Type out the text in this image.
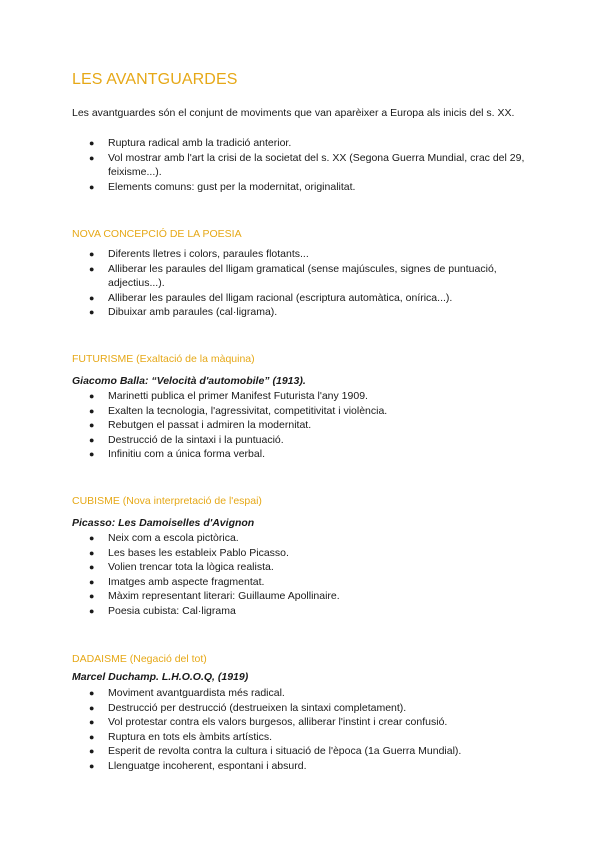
LES AVANTGUARDES
Les avantguardes són el conjunt de moviments que van aparèixer a Europa als inicis del s. XX.
● Ruptura radical amb la tradició anterior.
● Vol mostrar amb l'art la crisi de la societat del s. XX (Segona Guerra Mundial, crac del 29, feixisme...).
● Elements comuns: gust per la modernitat, originalitat.
NOVA CONCEPCIÓ DE LA POESIA
● Diferents lletres i colors, paraules flotants...
● Alliberar les paraules del lligam gramatical (sense majúscules, signes de puntuació, adjectius...).
● Alliberar les paraules del lligam racional (escriptura automàtica, onírica...).
● Dibuixar amb paraules (cal·ligrama).
FUTURISME (Exaltació de la màquina)
Giacomo Balla: “Velocità d'automobile” (1913).
● Marinetti publica el primer Manifest Futurista l'any 1909.
● Exalten la tecnologia, l'agressivitat, competitivitat i violència.
● Rebutgen el passat i admiren la modernitat.
● Destrucció de la sintaxi i la puntuació.
● Infinitiu com a única forma verbal.
CUBISME (Nova interpretació de l'espai)
Picasso: Les Damoiselles d'Avignon
● Neix com a escola pictòrica.
● Les bases les estableix Pablo Picasso.
● Volien trencar tota la lògica realista.
● Imatges amb aspecte fragmentat.
● Màxim representant literari: Guillaume Apollinaire.
● Poesia cubista: Cal·ligrama
DADAISME (Negació del tot)
Marcel Duchamp. L.H.O.O.Q, (1919)
● Moviment avantguardista més radical.
● Destrucció per destrucció (destrueixen la sintaxi completament).
● Vol protestar contra els valors burgesos, alliberar l'instint i crear confusió.
● Ruptura en tots els àmbits artístics.
● Esperit de revolta contra la cultura i situació de l'època (1a Guerra Mundial).
● Llenguatge incoherent, espontani i absurd.
